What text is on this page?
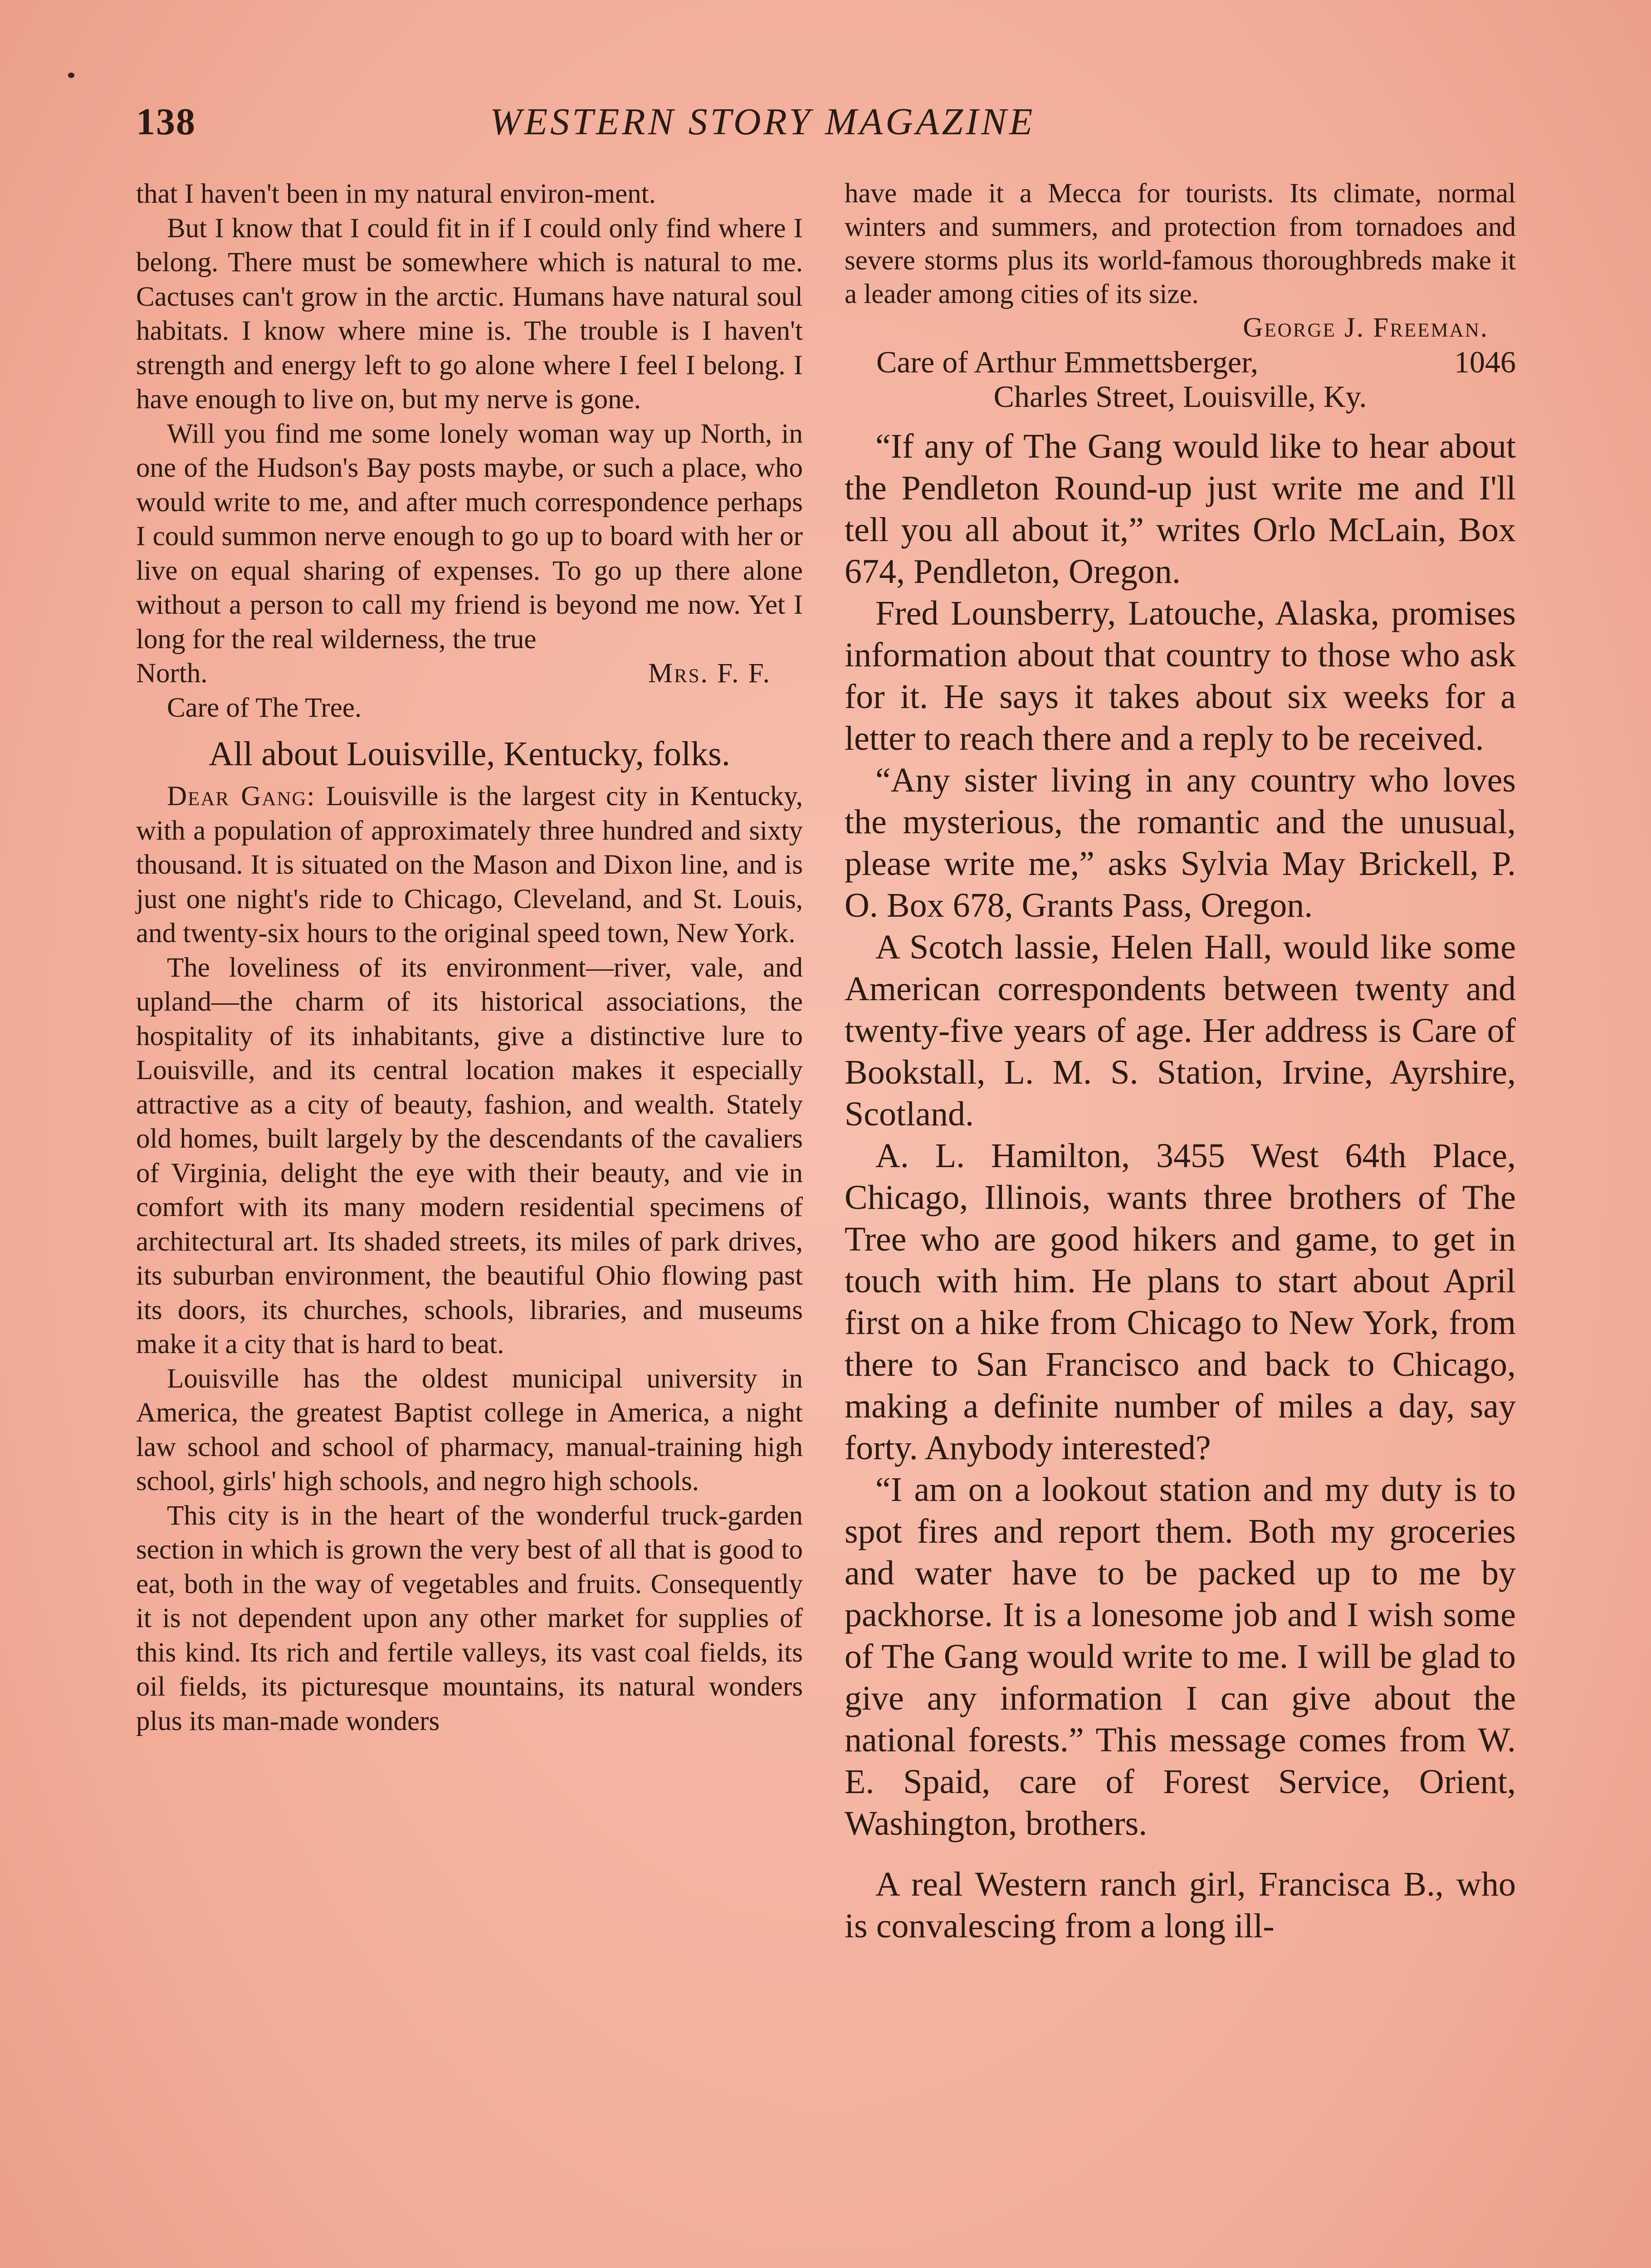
138	WESTERN STORY MAGAZINE

that I haven't been in my natural environ-ment.

But I know that I could fit in if I could only find where I belong. There must be somewhere which is natural to me. Cactuses can't grow in the arctic. Humans have natural soul habitats. I know where mine is. The trouble is I haven't strength and energy left to go alone where I feel I belong. I have enough to live on, but my nerve is gone.

Will you find me some lonely woman way up North, in one of the Hudson's Bay posts maybe, or such a place, who would write to me, and after much correspondence perhaps I could summon nerve enough to go up to board with her or live on equal sharing of expenses. To go up there alone without a person to call my friend is beyond me now. Yet I long for the real wilderness, the true

North.	Mrs. F. F.

Care of The Tree.

All about Louisville, Kentucky, folks.

Dear Gang: Louisville is the largest city in Kentucky, with a population of approximately three hundred and sixty thousand. It is situated on the Mason and Dixon line, and is just one night's ride to Chicago, Cleveland, and St. Louis, and twenty-six hours to the original speed town, New York.

The loveliness of its environment—river, vale, and upland—the charm of its historical associations, the hospitality of its inhabitants, give a distinctive lure to Louisville, and its central location makes it especially attractive as a city of beauty, fashion, and wealth. Stately old homes, built largely by the descendants of the cavaliers of Virginia, delight the eye with their beauty, and vie in comfort with its many modern residential specimens of architectural art. Its shaded streets, its miles of park drives, its suburban environment, the beautiful Ohio flowing past its doors, its churches, schools, libraries, and museums make it a city that is hard to beat.

Louisville has the oldest municipal university in America, the greatest Baptist college in America, a night law school and school of pharmacy, manual-training high school, girls' high schools, and negro high schools.

This city is in the heart of the wonderful truck-garden section in which is grown the very best of all that is good to eat, both in the way of vegetables and fruits. Consequently it is not dependent upon any other market for supplies of this kind. Its rich and fertile valleys, its vast coal fields, its oil fields, its picturesque mountains, its natural wonders plus its man-made wonders

have made it a Mecca for tourists. Its climate, normal winters and summers, and protection from tornadoes and severe storms plus its world-famous thoroughbreds make it a leader among cities of its size.

George J. Freeman.

Care of Arthur Emmettsberger,	1046

Charles Street, Louisville, Ky.

“If any of The Gang would like to hear about the Pendleton Round-up just write me and I'll tell you all about it,” writes Orlo McLain, Box 674, Pendleton, Oregon.

Fred Lounsberry, Latouche, Alaska, promises information about that country to those who ask for it. He says it takes about six weeks for a letter to reach there and a reply to be received.

“Any sister living in any country who loves the mysterious, the romantic and the unusual, please write me,” asks Sylvia May Brickell, P. O. Box 678, Grants Pass, Oregon.

A Scotch lassie, Helen Hall, would like some American correspondents between twenty and twenty-five years of age. Her address is Care of Bookstall, L. M. S. Station, Irvine, Ayrshire, Scotland.

A. L. Hamilton, 3455 West 64th Place, Chicago, Illinois, wants three brothers of The Tree who are good hikers and game, to get in touch with him. He plans to start about April first on a hike from Chicago to New York, from there to San Francisco and back to Chicago, making a definite number of miles a day, say forty. Anybody interested?

“I am on a lookout station and my duty is to spot fires and report them. Both my groceries and water have to be packed up to me by packhorse. It is a lonesome job and I wish some of The Gang would write to me. I will be glad to give any information I can give about the national forests.” This message comes from W. E. Spaid, care of Forest Service, Orient, Washington, brothers.

A real Western ranch girl, Francisca B., who is convalescing from a long ill-
